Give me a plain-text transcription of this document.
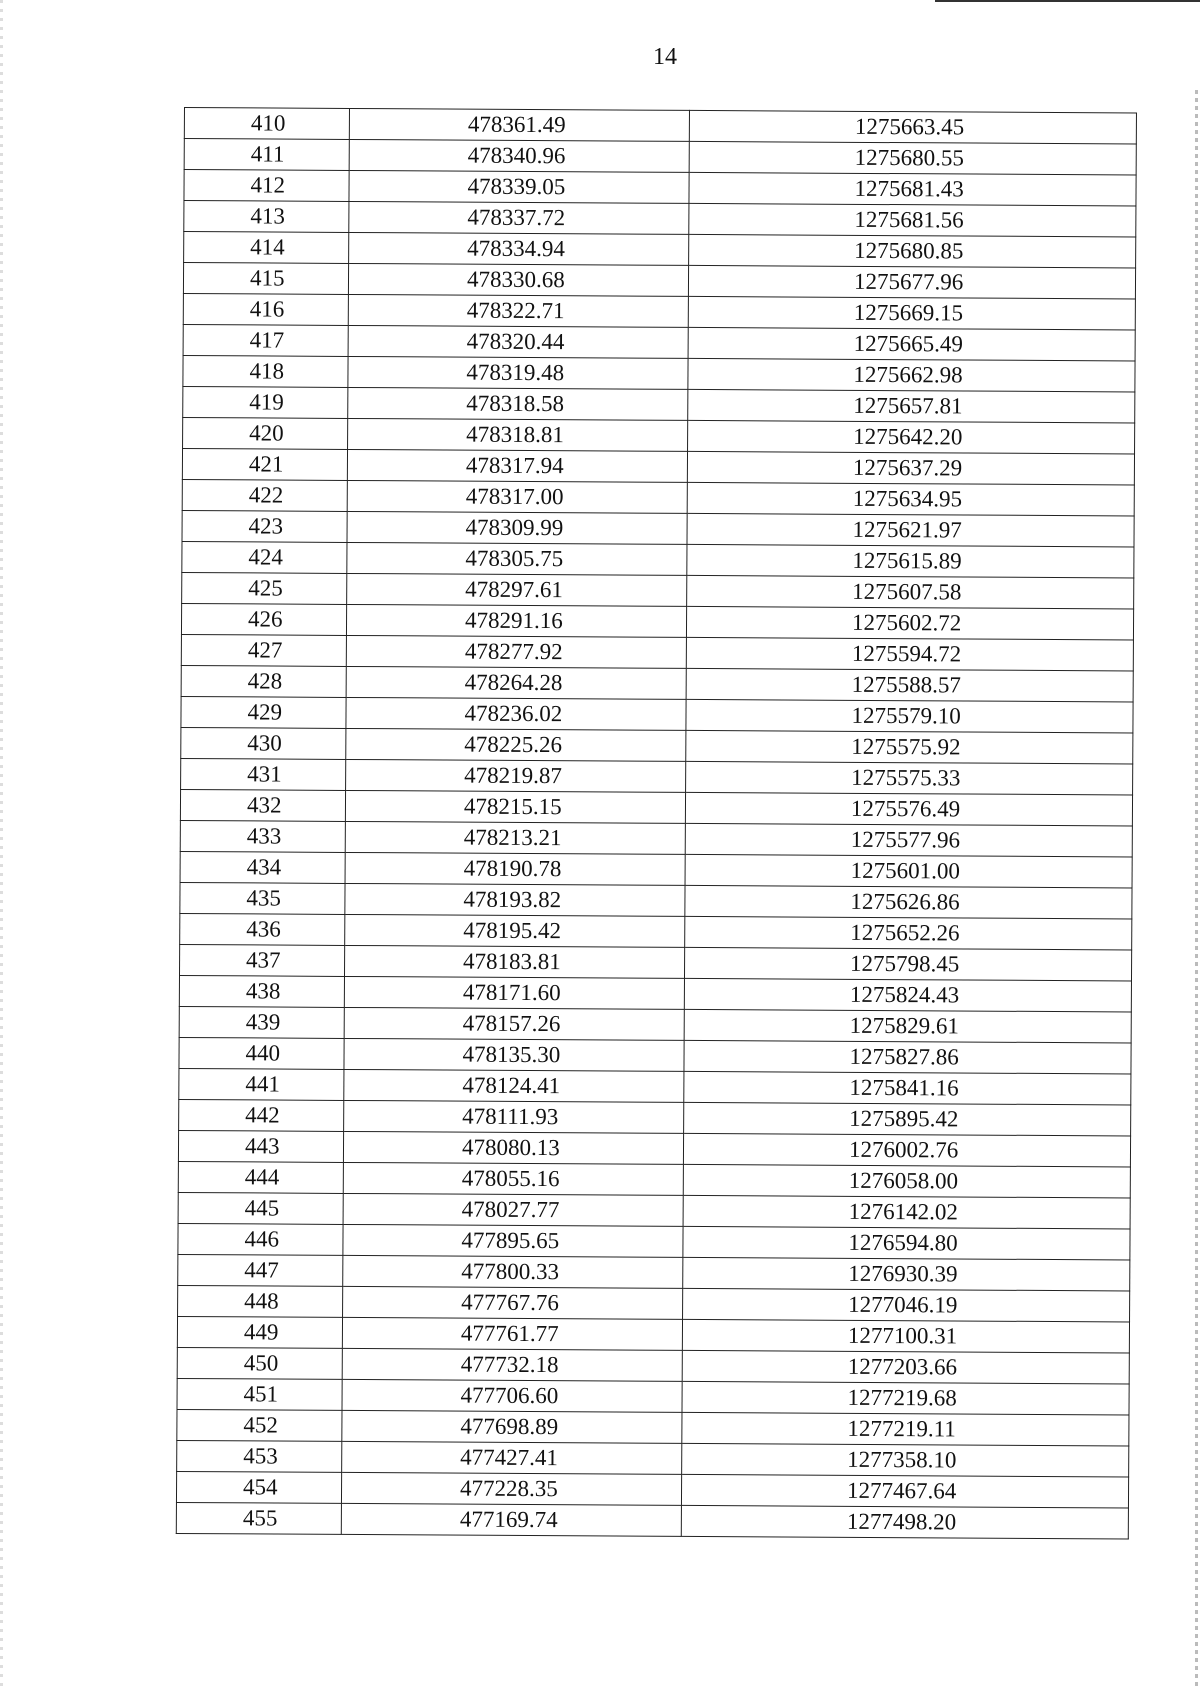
14
410	478361.49	1275663.45
411	478340.96	1275680.55
412	478339.05	1275681.43
413	478337.72	1275681.56
414	478334.94	1275680.85
415	478330.68	1275677.96
416	478322.71	1275669.15
417	478320.44	1275665.49
418	478319.48	1275662.98
419	478318.58	1275657.81
420	478318.81	1275642.20
421	478317.94	1275637.29
422	478317.00	1275634.95
423	478309.99	1275621.97
424	478305.75	1275615.89
425	478297.61	1275607.58
426	478291.16	1275602.72
427	478277.92	1275594.72
428	478264.28	1275588.57
429	478236.02	1275579.10
430	478225.26	1275575.92
431	478219.87	1275575.33
432	478215.15	1275576.49
433	478213.21	1275577.96
434	478190.78	1275601.00
435	478193.82	1275626.86
436	478195.42	1275652.26
437	478183.81	1275798.45
438	478171.60	1275824.43
439	478157.26	1275829.61
440	478135.30	1275827.86
441	478124.41	1275841.16
442	478111.93	1275895.42
443	478080.13	1276002.76
444	478055.16	1276058.00
445	478027.77	1276142.02
446	477895.65	1276594.80
447	477800.33	1276930.39
448	477767.76	1277046.19
449	477761.77	1277100.31
450	477732.18	1277203.66
451	477706.60	1277219.68
452	477698.89	1277219.11
453	477427.41	1277358.10
454	477228.35	1277467.64
455	477169.74	1277498.20
